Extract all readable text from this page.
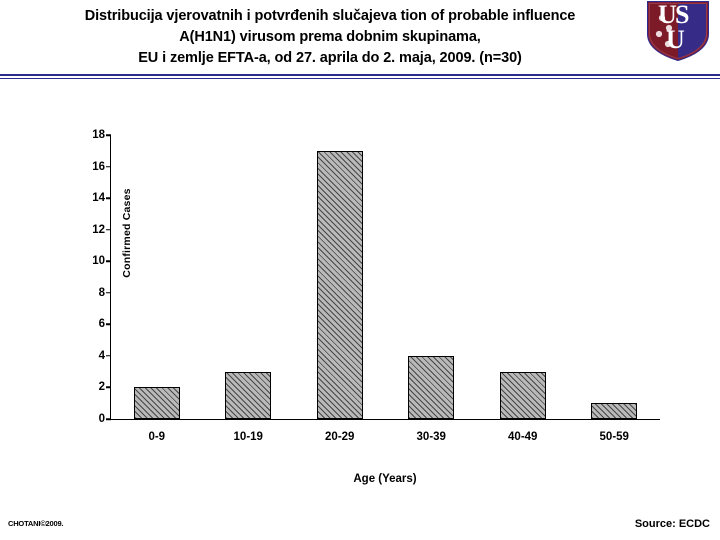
Distribucija vjerovatnih i potvrđenih slučajeva tion of probable influence
A(H1N1) virusom prema dobnim skupinama,
EU i zemlje EFTA-a, od 27. aprila do 2. maja, 2009. (n=30)
U
S
U
Confirmed Cases
0
2
4
6
8
10
12
14
16
18
0-9	10-19	20-29	30-39	40-49	50-59
Age (Years)
CHOTANI©2009.	Source: ECDC
